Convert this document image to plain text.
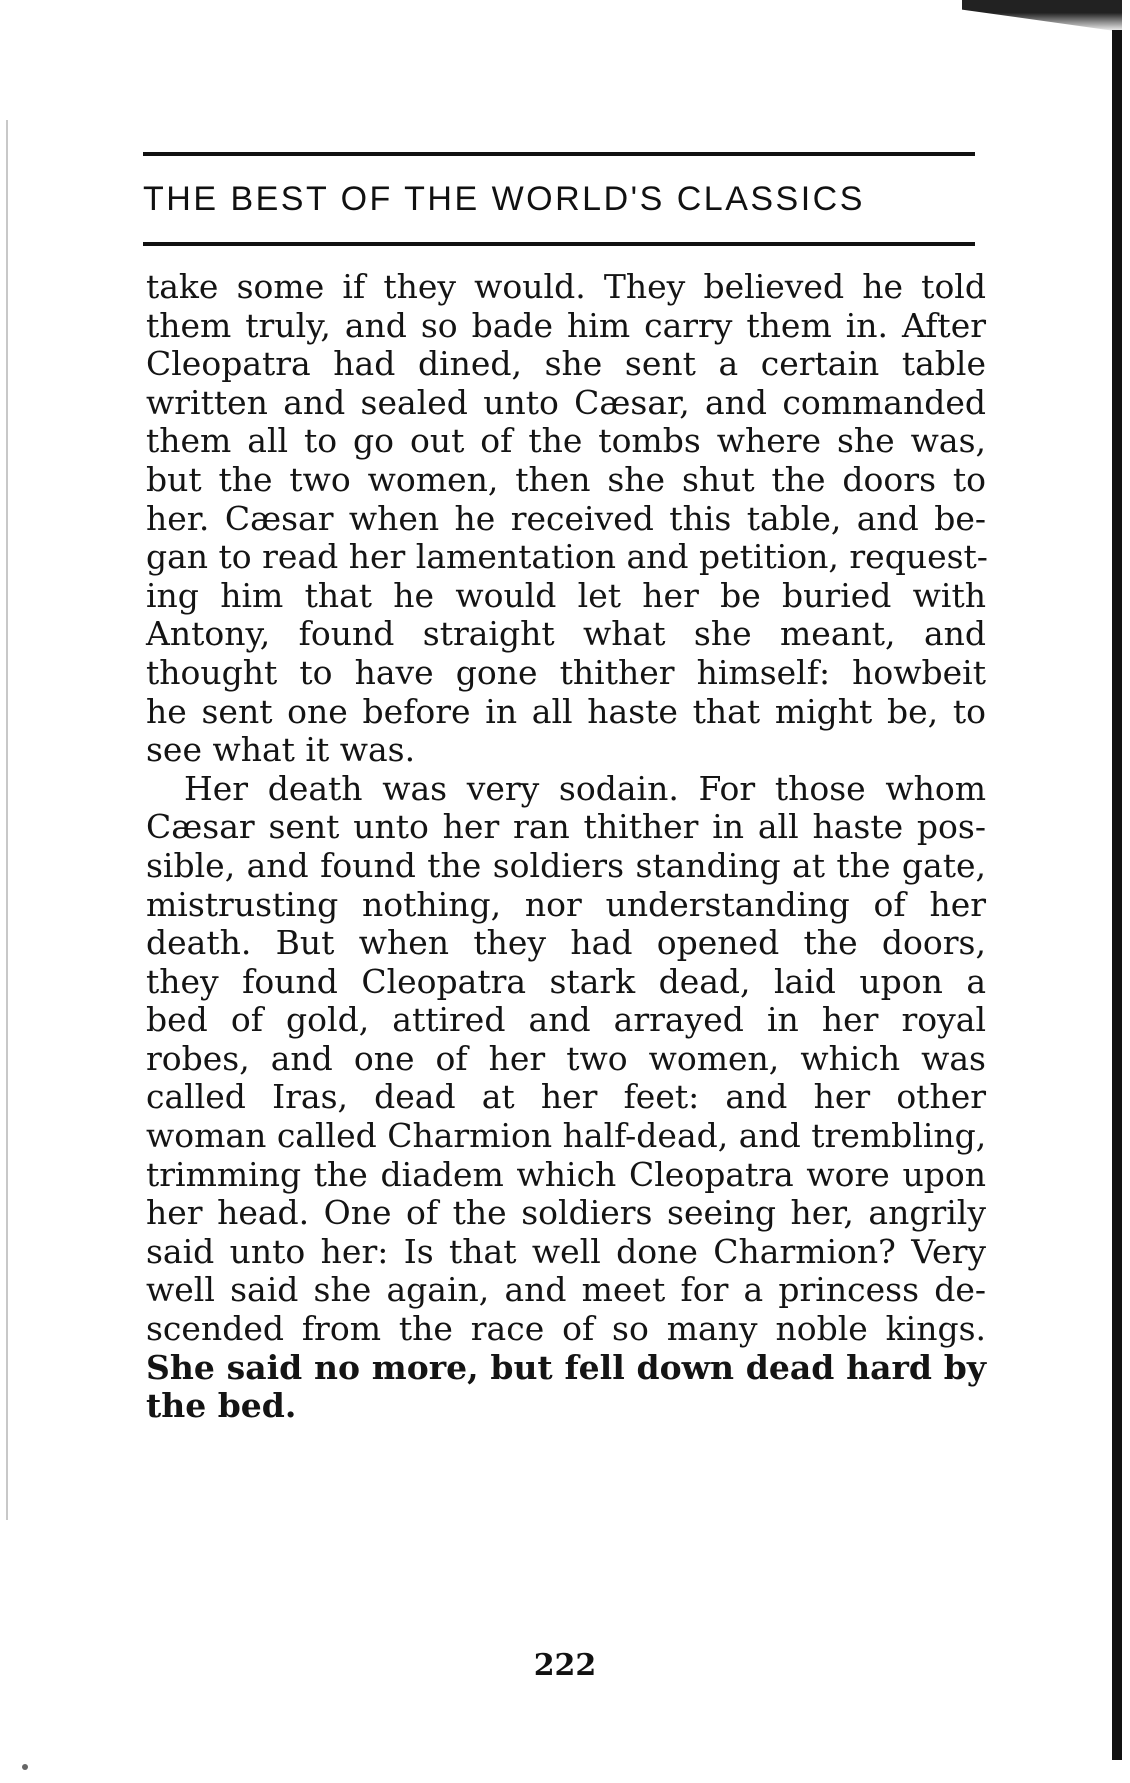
THE BEST OF THE WORLD'S CLASSICS
take some if they would. They believed he told
them truly, and so bade him carry them in. After
Cleopatra had dined, she sent a certain table
written and sealed unto Cæsar, and commanded
them all to go out of the tombs where she was,
but the two women, then she shut the doors to
her. Cæsar when he received this table, and be-
gan to read her lamentation and petition, request-
ing him that he would let her be buried with
Antony, found straight what she meant, and
thought to have gone thither himself: howbeit
he sent one before in all haste that might be, to
see what it was.
Her death was very sodain. For those whom
Cæsar sent unto her ran thither in all haste pos-
sible, and found the soldiers standing at the gate,
mistrusting nothing, nor understanding of her
death. But when they had opened the doors,
they found Cleopatra stark dead, laid upon a
bed of gold, attired and arrayed in her royal
robes, and one of her two women, which was
called Iras, dead at her feet: and her other
woman called Charmion half-dead, and trembling,
trimming the diadem which Cleopatra wore upon
her head. One of the soldiers seeing her, angrily
said unto her: Is that well done Charmion? Very
well said she again, and meet for a princess de-
scended from the race of so many noble kings.
She said no more, but fell down dead hard by
the bed.
222
